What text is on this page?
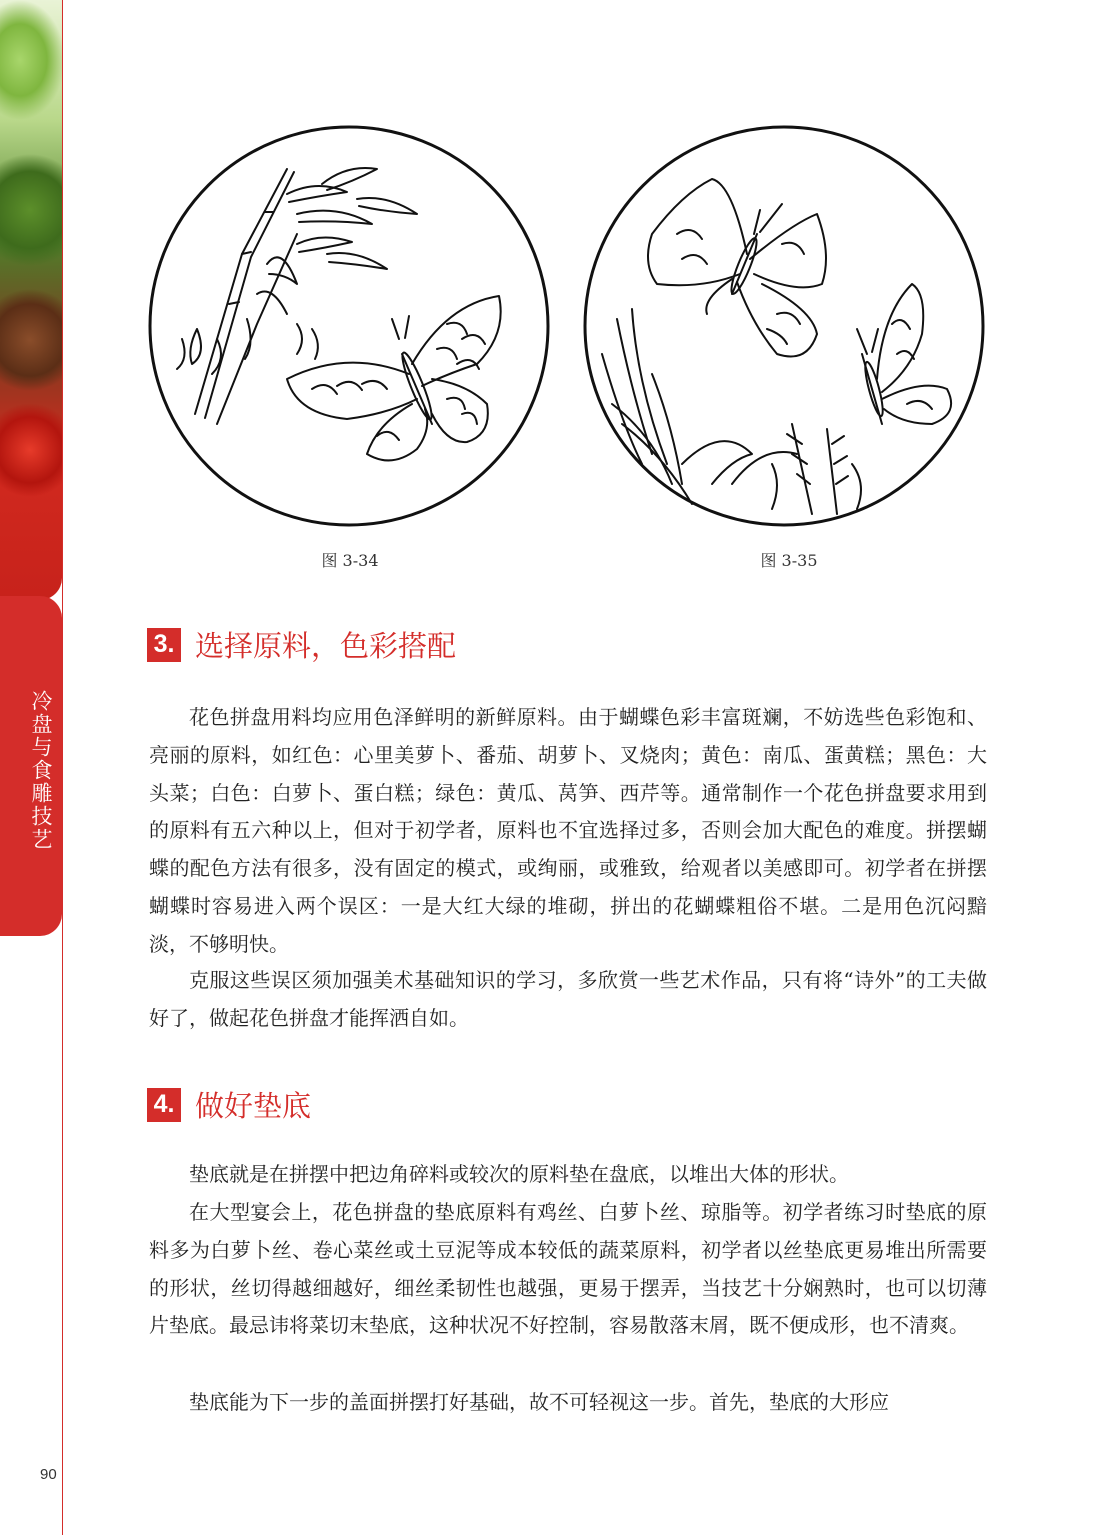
冷盘与食雕技艺
90
图 3-34	图 3-35
3. 选择原料，色彩搭配

花色拼盘用料均应用色泽鲜明的新鲜原料。由于蝴蝶色彩丰富斑斓，不妨选些色彩饱和、亮丽的原料，如红色：心里美萝卜、番茄、胡萝卜、叉烧肉；黄色：南瓜、蛋黄糕；黑色：大头菜；白色：白萝卜、蛋白糕；绿色：黄瓜、莴笋、西芹等。通常制作一个花色拼盘要求用到的原料有五六种以上，但对于初学者，原料也不宜选择过多，否则会加大配色的难度。拼摆蝴蝶的配色方法有很多，没有固定的模式，或绚丽，或雅致，给观者以美感即可。初学者在拼摆蝴蝶时容易进入两个误区：一是大红大绿的堆砌，拼出的花蝴蝶粗俗不堪。二是用色沉闷黯淡，不够明快。

克服这些误区须加强美术基础知识的学习，多欣赏一些艺术作品，只有将“诗外”的工夫做好了，做起花色拼盘才能挥洒自如。

4. 做好垫底

垫底就是在拼摆中把边角碎料或较次的原料垫在盘底，以堆出大体的形状。

在大型宴会上，花色拼盘的垫底原料有鸡丝、白萝卜丝、琼脂等。初学者练习时垫底的原料多为白萝卜丝、卷心菜丝或土豆泥等成本较低的蔬菜原料，初学者以丝垫底更易堆出所需要的形状，丝切得越细越好，细丝柔韧性也越强，更易于摆弄，当技艺十分娴熟时，也可以切薄片垫底。最忌讳将菜切末垫底，这种状况不好控制，容易散落末屑，既不便成形，也不清爽。

垫底能为下一步的盖面拼摆打好基础，故不可轻视这一步。首先，垫底的大形应
